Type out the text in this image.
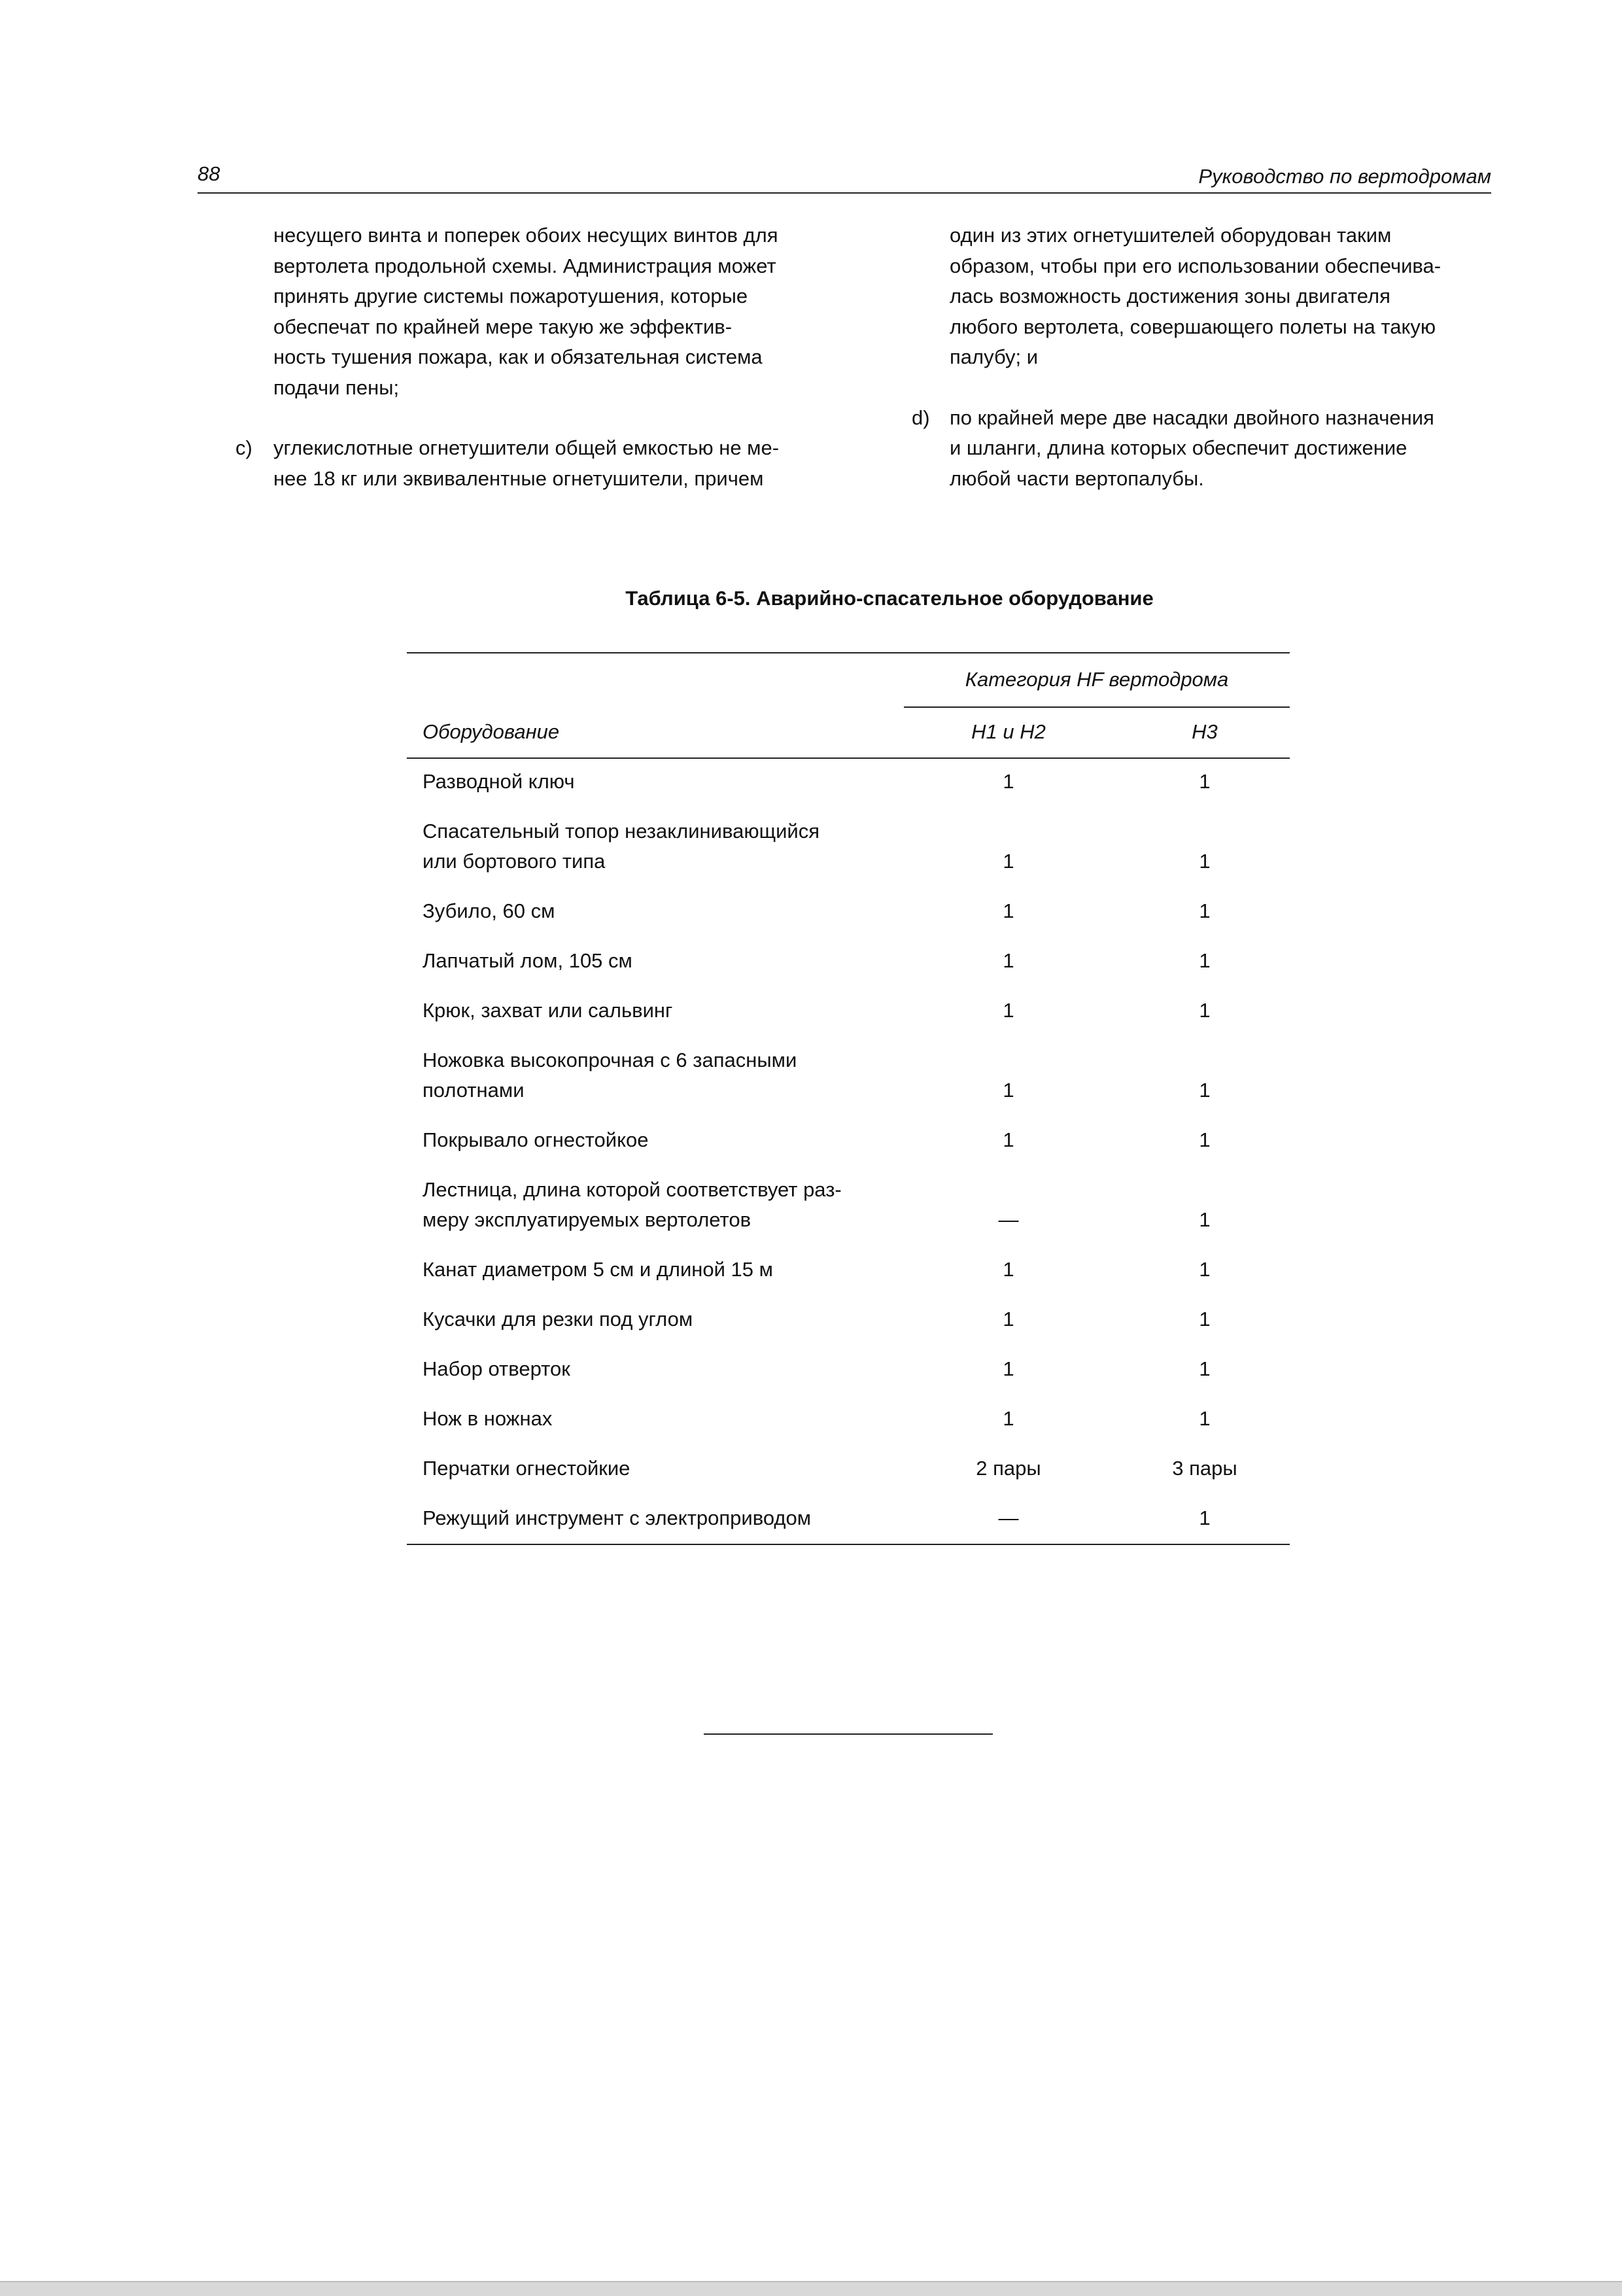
88	Руководство по вертодромам

несущего винта и поперек обоих несущих винтов для

вертолета продольной схемы. Администрация может

принять другие системы пожаротушения, которые

обеспечат по крайней мере такую же эффектив-

ность тушения пожара, как и обязательная система

подачи пены;

c) углекислотные огнетушители общей емкостью не ме-

нее 18 кг или эквивалентные огнетушители, причем

один из этих огнетушителей оборудован таким

образом, чтобы при его использовании обеспечива-

лась возможность достижения зоны двигателя

любого вертолета, совершающего полеты на такую

палубу; и

d) по крайней мере две насадки двойного назначения

и шланги, длина которых обеспечит достижение

любой части вертопалубы.

Таблица 6-5. Аварийно-спасательное оборудование
Категория HF вертодрома
Оборудование	H1 и H2	H3
Разводной ключ	1	1
Спасательный топор незаклинивающийся
или бортового типа	1	1
Зубило, 60 см	1	1
Лапчатый лом, 105 см	1	1
Крюк, захват или сальвинг	1	1
Ножовка высокопрочная с 6 запасными
полотнами	1	1
Покрывало огнестойкое	1	1
Лестница, длина которой соответствует раз-
меру эксплуатируемых вертолетов	—	1
Канат диаметром 5 см и длиной 15 м	1	1
Кусачки для резки под углом	1	1
Набор отверток	1	1
Нож в ножнах	1	1
Перчатки огнестойкие	2 пары	3 пары
Режущий инструмент с электроприводом	—	1
